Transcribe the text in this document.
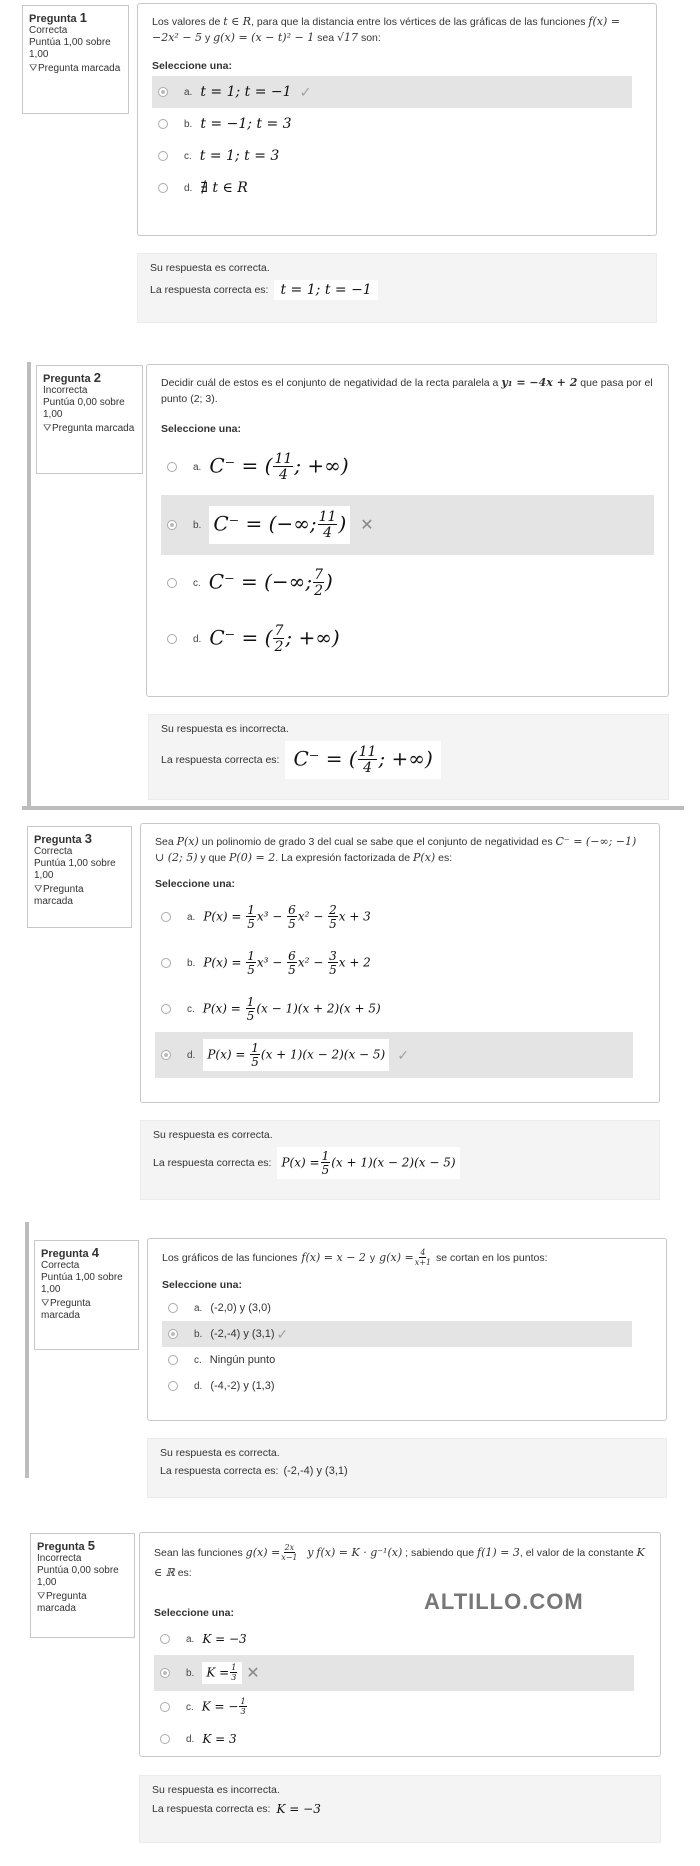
Pregunta 1
Correcta
Puntúa 1,00 sobre 1,00
⛛Pregunta marcada
Los valores de t ∈ R, para que la distancia entre los vértices de las gráficas de las funciones f(x) = −2x² − 5 y g(x) = (x − t)² − 1 sea √17 son:
Seleccione una:
a. t = 1; t = −1 ✓
b. t = −1; t = 3
c. t = 1; t = 3
d. ∄ t ∈ R
Su respuesta es correcta.
La respuesta correcta es: t = 1; t = −1
Pregunta 2
Incorrecta
Puntúa 0,00 sobre 1,00
⛛Pregunta marcada
Decidir cuál de estos es el conjunto de negatividad de la recta paralela a y₁ = −4x + 2 que pasa por el punto (2; 3).
Seleccione una:
a. C⁻ = ( $\frac{11}{4}$ ; +∞)
b. C⁻ = (−∞; $\frac{11}{4}$ ) ✕
c. C⁻ = (−∞; $\frac{7}{2}$ )
d. C⁻ = ( $\frac{7}{2}$ ; +∞)
Su respuesta es incorrecta.
La respuesta correcta es: C⁻ = ( $\frac{11}{4}$ ; +∞)
Pregunta 3
Correcta
Puntúa 1,00 sobre 1,00
⛛Pregunta marcada
Sea P(x) un polinomio de grado 3 del cual se sabe que el conjunto de negatividad es C⁻ = (−∞; −1) ∪ (2; 5) y que P(0) = 2. La expresión factorizada de P(x) es:
Seleccione una:
a. $P(x) = \frac{1}{5} x^3 - \frac{6}{5} x^2 - \frac{2}{5}$ x + 3
b. $P(x) = \frac{1}{5} x^3 - \frac{6}{5} x^2 - \frac{3}{5}$ x + 2
c. $P(x) = \frac{1}{5} (x - 1)(x + 2)(x + 5)$
d.	$P(x) = \frac{1}{5} (x + 1)(x - 2)(x - 5)$ ✓
Su respuesta es correcta.
La respuesta correcta es: $P(x) = \frac{1}{5} (x + 1)(x - 2)(x - 5)$
Pregunta 4
Correcta
Puntúa 1,00 sobre 1,00
⛛Pregunta marcada
Los gráficos de las funciones f(x) = x − 2 y $g(x) = \frac{4}{x+1}$ se cortan en los puntos:
Seleccione una:
a. (-2,0) y (3,0)
b. (-2,-4) y (3,1) ✓
c. Ningún punto
d. (-4,-2) y (1,3)
Su respuesta es correcta.
La respuesta correcta es: (-2,-4) y (3,1)
Pregunta 5
Incorrecta
Puntúa 0,00 sobre 1,00
⛛Pregunta marcada
Sean las funciones $g(x) = \frac{2x}{x-1}$ y f(x) = K · g⁻¹(x) ; sabiendo que f(1) = 3, el valor de la constante K ∈ ℝ es:
Seleccione una:
a. K = −3
b.	$K = \frac{1}{3}$ ✕
c. K = − $\frac{1}{3}$
d. K = 3
ALTILLO.COM
Su respuesta es incorrecta.
La respuesta correcta es: K = −3
